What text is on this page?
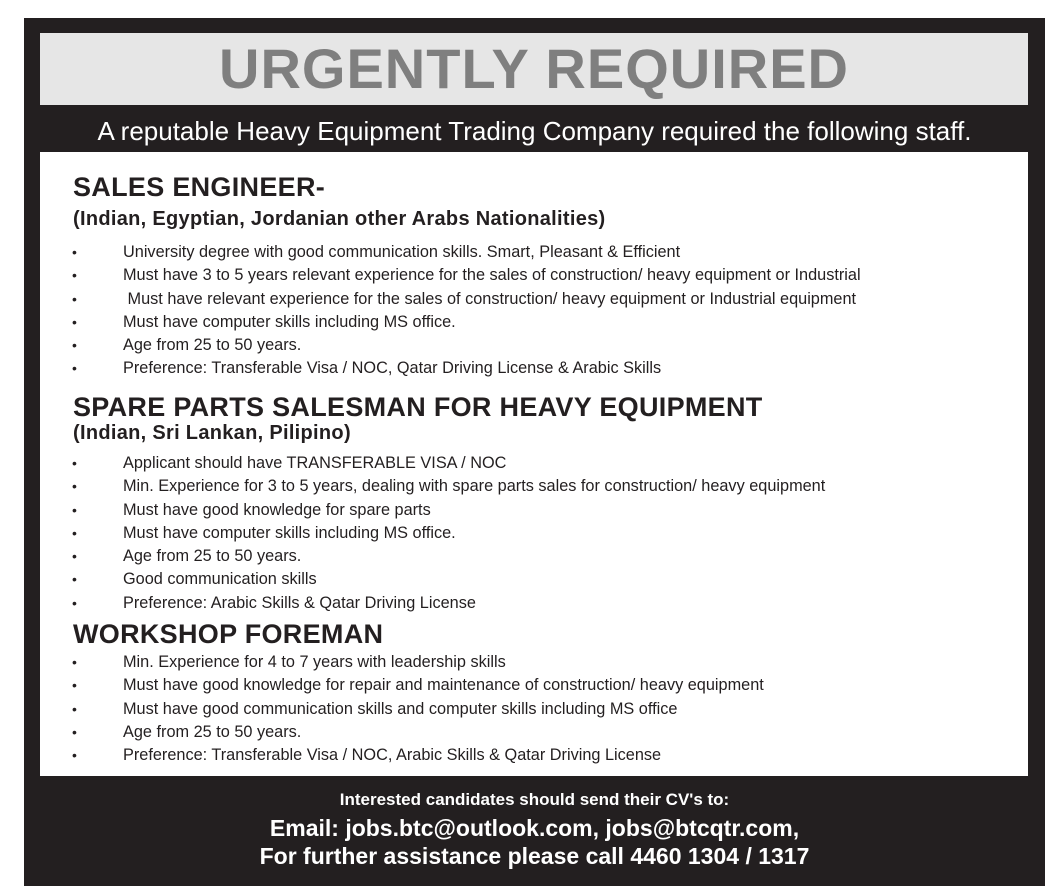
URGENTLY REQUIRED
A reputable Heavy Equipment Trading Company required the following staff.
SALES ENGINEER-
(Indian, Egyptian, Jordanian other Arabs Nationalities)
•	University degree with good communication skills. Smart, Pleasant & Efficient
•	Must have 3 to 5 years relevant experience for the sales of construction/ heavy equipment or Industrial
•	Must have relevant experience for the sales of construction/ heavy equipment or Industrial equipment
•	Must have computer skills including MS office.
•	Age from 25 to 50 years.
•	Preference: Transferable Visa / NOC, Qatar Driving License & Arabic Skills
SPARE PARTS SALESMAN FOR HEAVY EQUIPMENT
(Indian, Sri Lankan, Pilipino)
•	Applicant should have TRANSFERABLE VISA / NOC
•	Min. Experience for 3 to 5 years, dealing with spare parts sales for construction/ heavy equipment
•	Must have good knowledge for spare parts
•	Must have computer skills including MS office.
•	Age from 25 to 50 years.
•	Good communication skills
•	Preference: Arabic Skills & Qatar Driving License
WORKSHOP FOREMAN
•	Min. Experience for 4 to 7 years with leadership skills
•	Must have good knowledge for repair and maintenance of construction/ heavy equipment
•	Must have good communication skills and computer skills including MS office
•	Age from 25 to 50 years.
•	Preference: Transferable Visa / NOC, Arabic Skills & Qatar Driving License
Interested candidates should send their CV's to:
Email: jobs.btc@outlook.com, jobs@btcqtr.com,
For further assistance please call 4460 1304 / 1317
